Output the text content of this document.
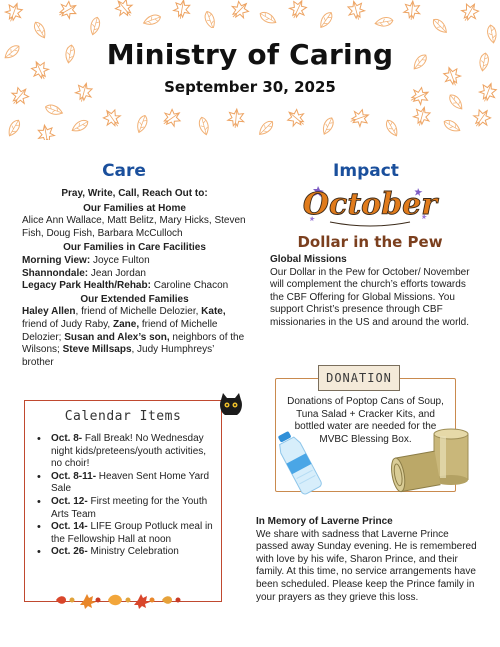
Ministry of Caring
September 30, 2025
Care

Pray, Write, Call, Reach Out to:

Our Families at Home

Alice Ann Wallace, Matt Belitz, Mary Hicks, Steven Fish, Doug Fish, Barbara McCulloch

Our Families in Care Facilities

Morning View: Joyce Fulton

Shannondale: Jean Jordan

Legacy Park Health/Rehab: Caroline Chacon

Our Extended Families

Haley Allen, friend of Michelle Delozier, Kate, friend of Judy Raby, Zane, friend of Michelle Delozier; Susan and Alex’s son, neighbors of the Wilsons; Steve Millsaps, Judy Humphreys’ brother

Impact
October
Dollar in the Pew

Global Missions

Our Dollar in the Pew for October/ November will complement the church’s efforts towards the CBF Offering for Global Missions. You support Christ’s presence through CBF missionaries in the US and around the world.

DONATION
Donations of Poptop Cans of Soup, Tuna Salad + Cracker Kits, and bottled water are needed for the MVBC Blessing Box.

In Memory of Laverne Prince

We share with sadness that Laverne Prince passed away Sunday evening. He is remembered with love by his wife, Sharon Prince, and their family. At this time, no service arrangements have been scheduled. Please keep the Prince family in your prayers as they grieve this loss.

Calendar Items
• Oct. 8- Fall Break! No Wednesday night kids/preteens/youth activities, no choir!
• Oct. 8-11- Heaven Sent Home Yard Sale
• Oct. 12- First meeting for the Youth Arts Team
• Oct. 14- LIFE Group Potluck meal in the Fellowship Hall at noon
• Oct. 26- Ministry Celebration
